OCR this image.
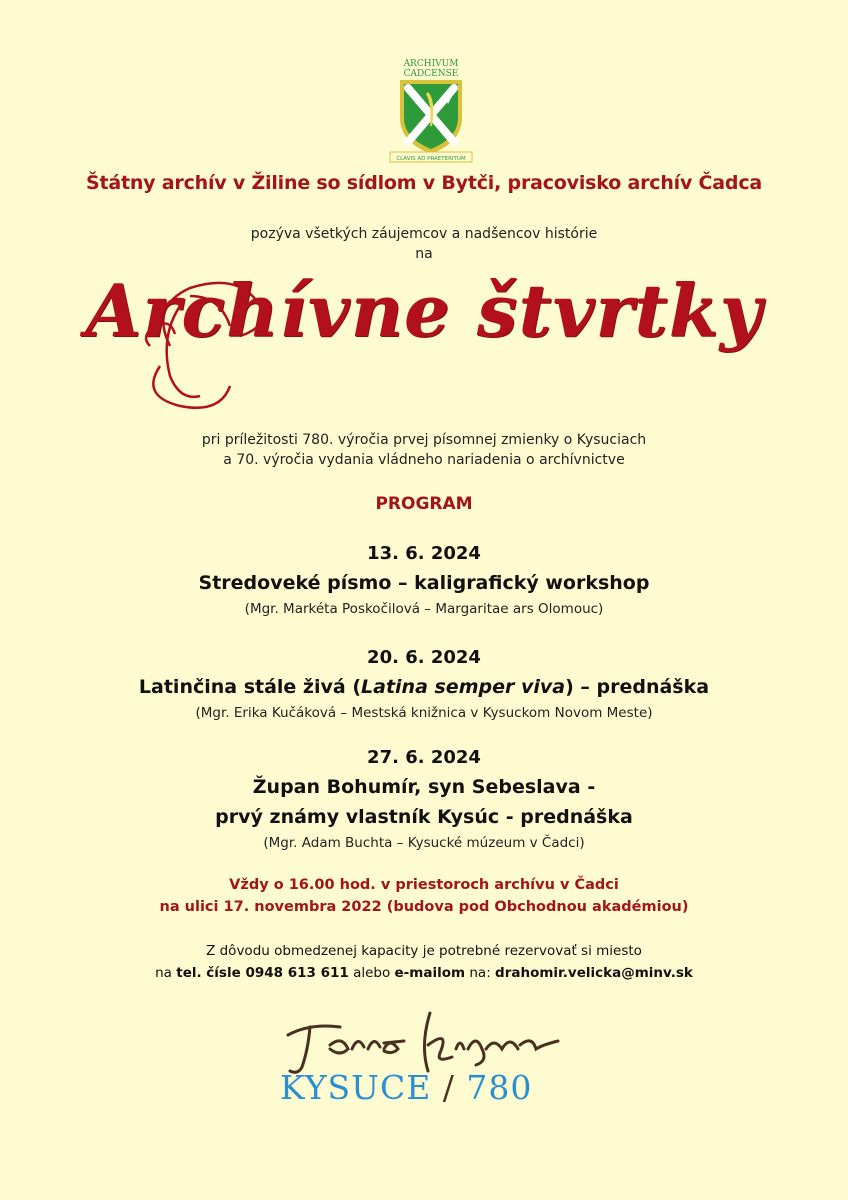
ARCHIVUM
CADCENSE
CLAVIS AD PRAETERITUM
Štátny archív v Žiline so sídlom v Bytči, pracovisko archív Čadca
pozýva všetkých záujemcov a nadšencov histórie
na
Archívne štvrtky
pri príležitosti 780. výročia prvej písomnej zmienky o Kysuciach
a 70. výročia vydania vládneho nariadenia o archívnictve
PROGRAM
13. 6. 2024
Stredoveké písmo – kaligrafický workshop
(Mgr. Markéta Poskočilová – Margaritae ars Olomouc)
20. 6. 2024
Latinčina stále živá (Latina semper viva) – prednáška
(Mgr. Erika Kučáková – Mestská knižnica v Kysuckom Novom Meste)
27. 6. 2024
Župan Bohumír, syn Sebeslava -
prvý známy vlastník Kysúc - prednáška
(Mgr. Adam Buchta – Kysucké múzeum v Čadci)
Vždy o 16.00 hod. v priestoroch archívu v Čadci
na ulici 17. novembra 2022 (budova pod Obchodnou akadémiou)
Z dôvodu obmedzenej kapacity je potrebné rezervovať si miesto
na tel. čísle 0948 613 611 alebo e-mailom na: drahomir.velicka@minv.sk
KYSUCE / 780
